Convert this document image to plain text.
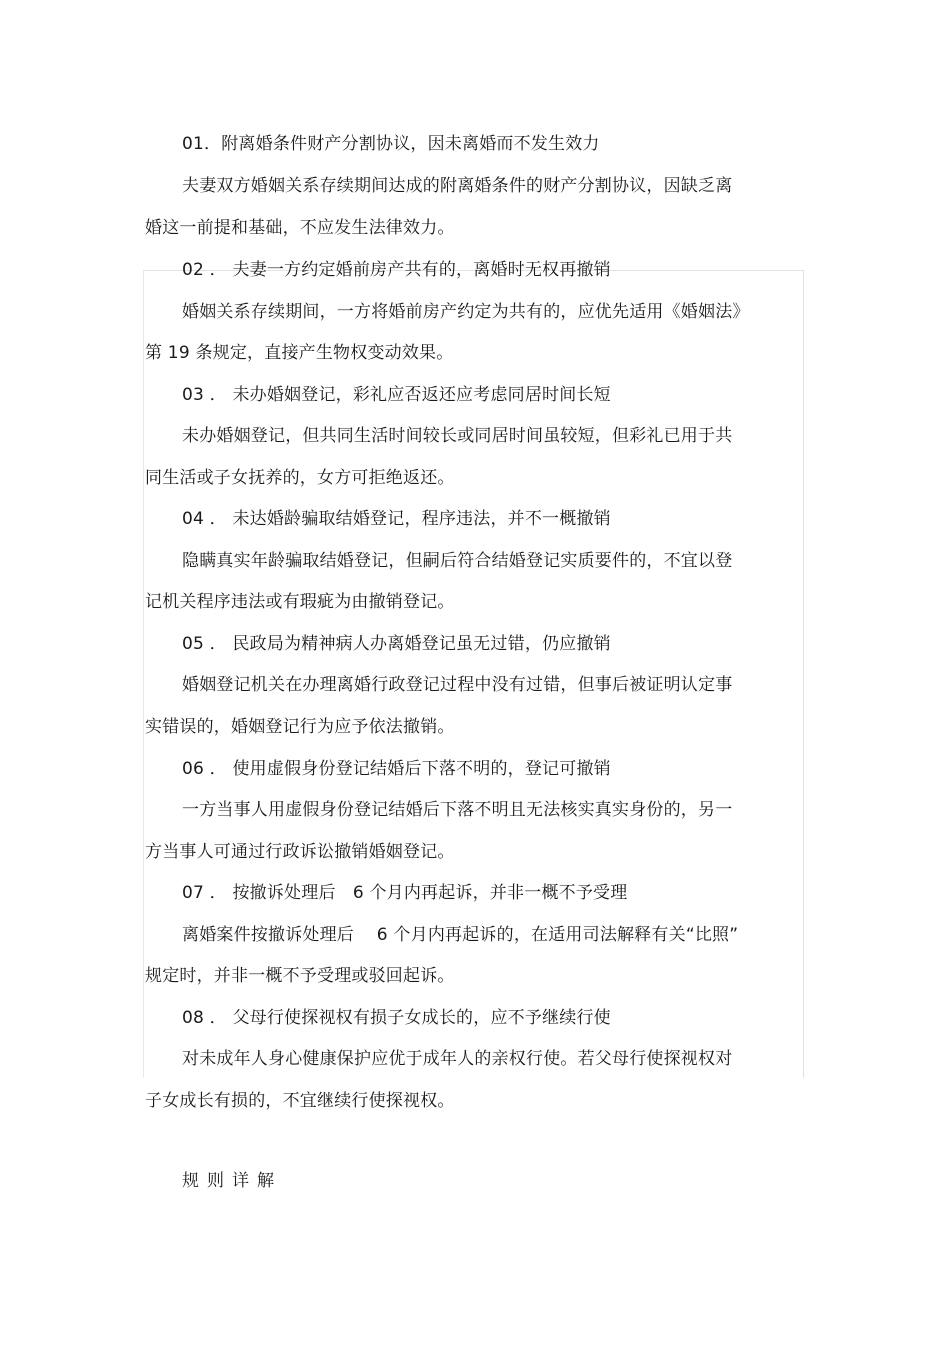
01．附离婚条件财产分割协议，因未离婚而不发生效力
夫妻双方婚姻关系存续期间达成的附离婚条件的财产分割协议，因缺乏离
婚这一前提和基础，不应发生法律效力。
02 ． 夫妻一方约定婚前房产共有的，离婚时无权再撤销
婚姻关系存续期间，一方将婚前房产约定为共有的，应优先适用《婚姻法》
第 19 条规定，直接产生物权变动效果。
03 ． 未办婚姻登记，彩礼应否返还应考虑同居时间长短
未办婚姻登记，但共同生活时间较长或同居时间虽较短，但彩礼已用于共
同生活或子女抚养的，女方可拒绝返还。
04 ． 未达婚龄骗取结婚登记，程序违法，并不一概撤销
隐瞒真实年龄骗取结婚登记，但嗣后符合结婚登记实质要件的，不宜以登
记机关程序违法或有瑕疵为由撤销登记。
05 ． 民政局为精神病人办离婚登记虽无过错，仍应撤销
婚姻登记机关在办理离婚行政登记过程中没有过错，但事后被证明认定事
实错误的，婚姻登记行为应予依法撤销。
06 ． 使用虚假身份登记结婚后下落不明的，登记可撤销
一方当事人用虚假身份登记结婚后下落不明且无法核实真实身份的，另一
方当事人可通过行政诉讼撤销婚姻登记。
07 ． 按撤诉处理后　6 个月内再起诉，并非一概不予受理
离婚案件按撤诉处理后　 6 个月内再起诉的，在适用司法解释有关“比照”
规定时，并非一概不予受理或驳回起诉。
08 ． 父母行使探视权有损子女成长的，应不予继续行使
对未成年人身心健康保护应优于成年人的亲权行使。若父母行使探视权对
子女成长有损的，不宜继续行使探视权。
规则详解
